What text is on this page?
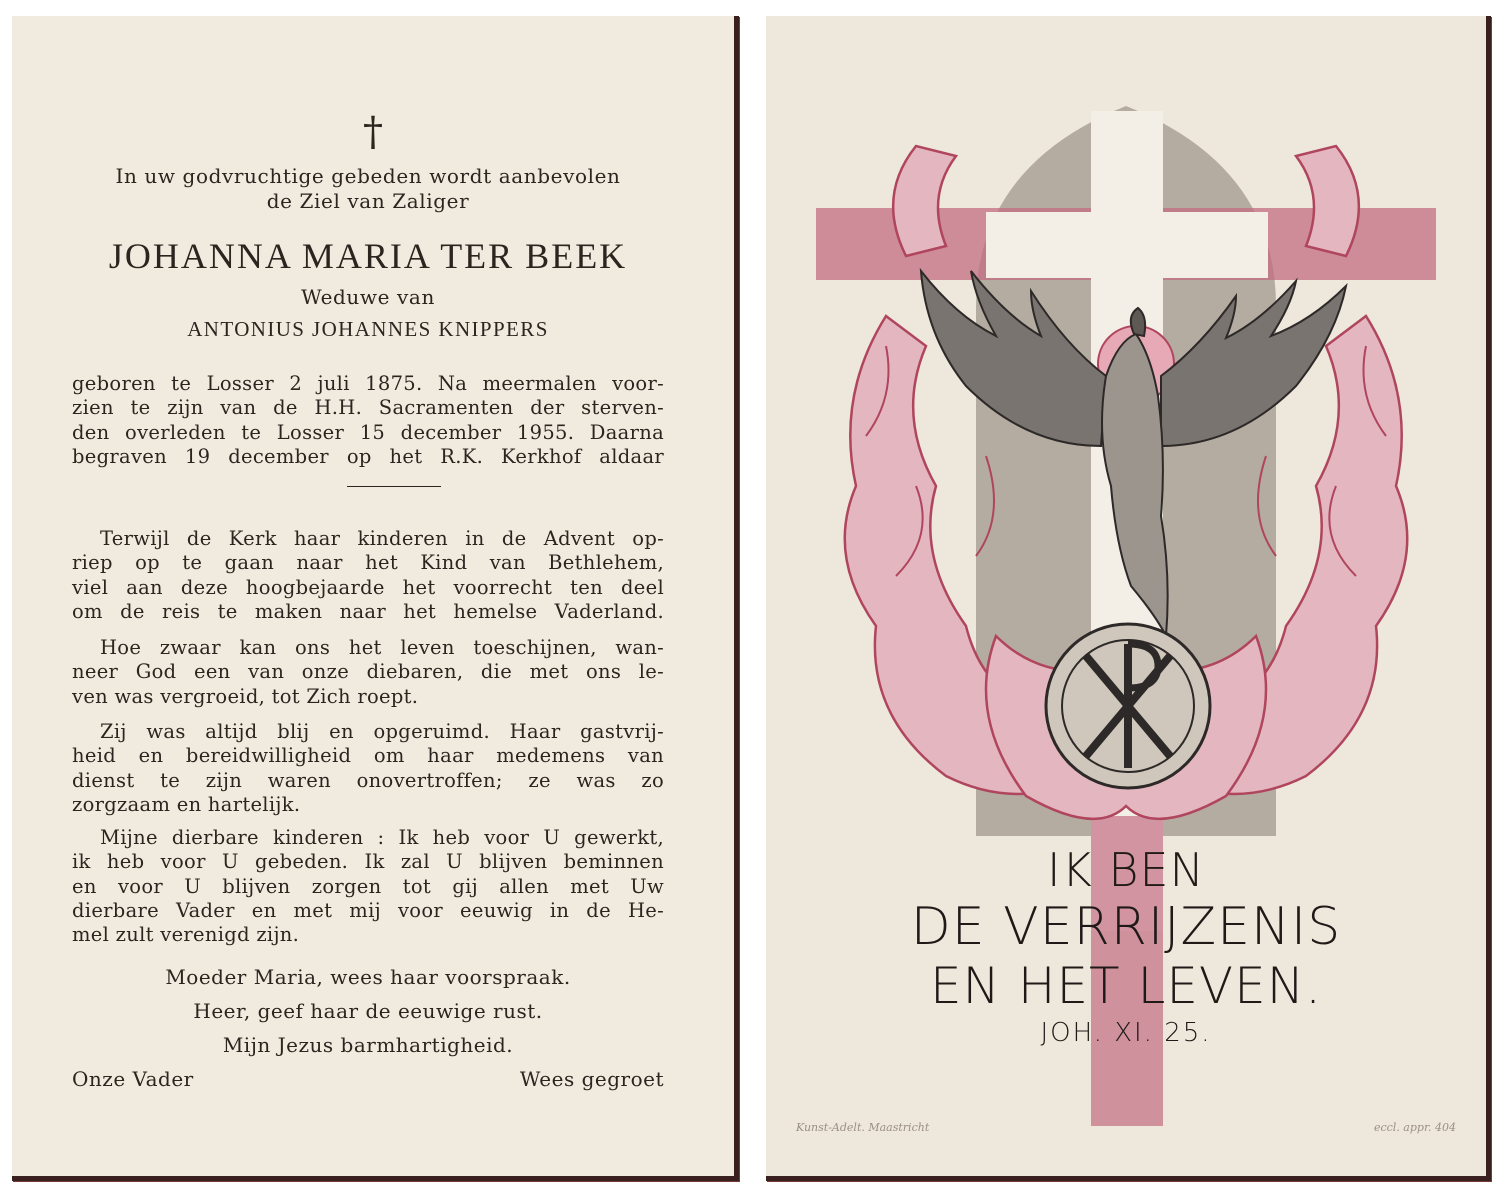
†
In uw godvruchtige gebeden wordt aanbevolen
de Ziel van Zaliger
JOHANNA MARIA TER BEEK
Weduwe van
ANTONIUS JOHANNES KNIPPERS
geboren te Losser 2 juli 1875. Na meermalen voor-
zien te zijn van de H.H. Sacramenten der sterven-
den overleden te Losser 15 december 1955. Daarna
begraven 19 december op het R.K. Kerkhof aldaar
Terwijl de Kerk haar kinderen in de Advent op-
riep op te gaan naar het Kind van Bethlehem,
viel aan deze hoogbejaarde het voorrecht ten deel
om de reis te maken naar het hemelse Vaderland.
Hoe zwaar kan ons het leven toeschijnen, wan-
neer God een van onze diebaren, die met ons le-
ven was vergroeid, tot Zich roept.
Zij was altijd blij en opgeruimd. Haar gastvrij-
heid en bereidwilligheid om haar medemens van
dienst te zijn waren onovertroffen; ze was zo
zorgzaam en hartelijk.
Mijne dierbare kinderen : Ik heb voor U gewerkt,
ik heb voor U gebeden. Ik zal U blijven beminnen
en voor U blijven zorgen tot gij allen met Uw
dierbare Vader en met mij voor eeuwig in de He-
mel zult verenigd zijn.
Moeder Maria, wees haar voorspraak.
Heer, geef haar de eeuwige rust.
Mijn Jezus barmhartigheid.
Onze Vader	Wees gegroet
IK BEN
DE VERRIJZENIS
EN HET LEVEN.
JOH. XI. 25.
Kunst-Adelt. Maastricht	eccl. appr. 404
